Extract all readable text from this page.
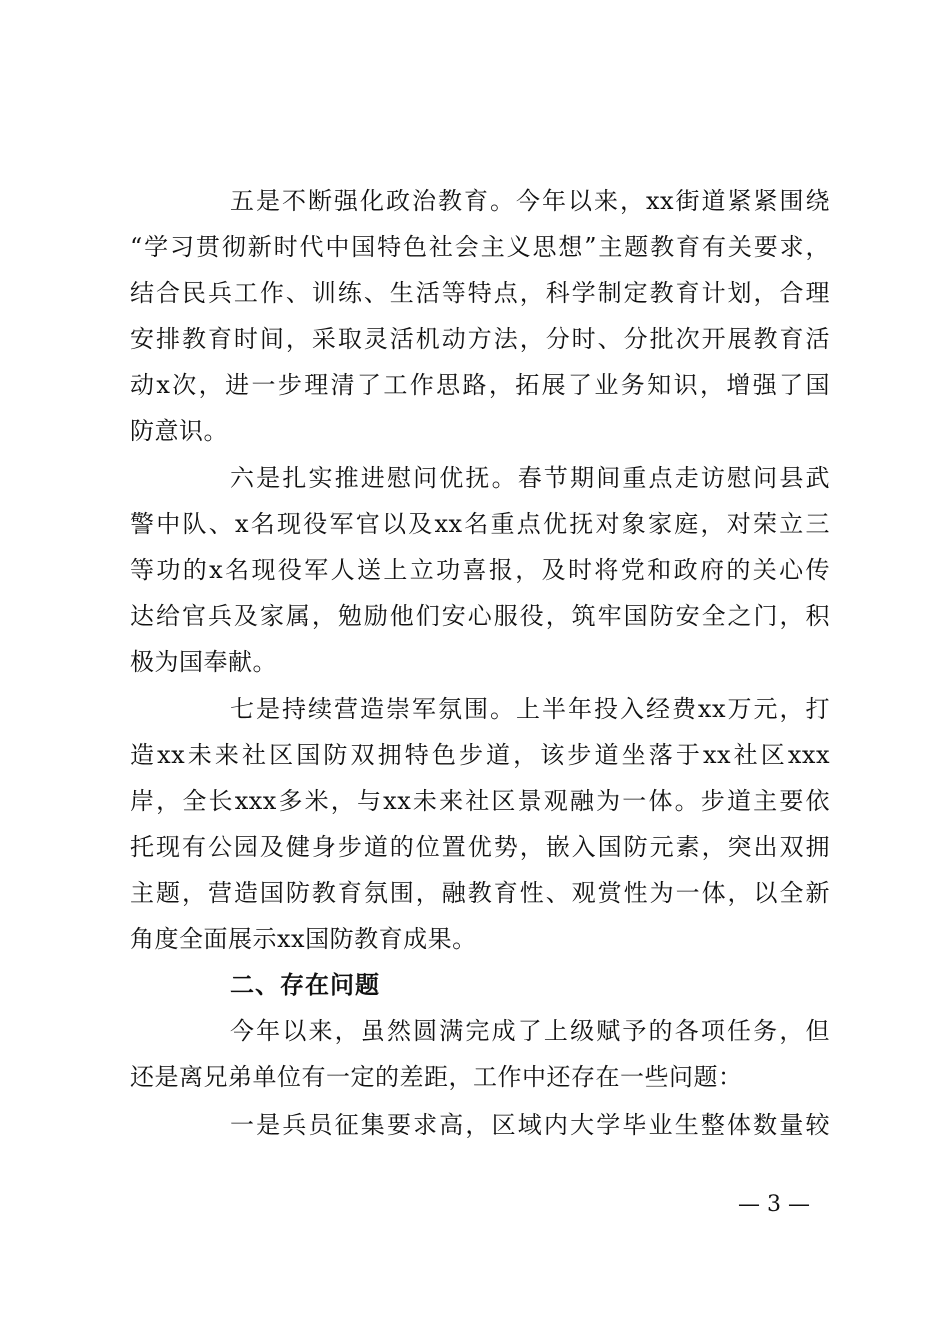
五是不断强化政治教育。今年以来，xx街道紧紧围绕
“学习贯彻新时代中国特色社会主义思想”主题教育有关要求，
结合民兵工作、训练、生活等特点，科学制定教育计划，合理
安排教育时间，采取灵活机动方法，分时、分批次开展教育活
动x次，进一步理清了工作思路，拓展了业务知识，增强了国
防意识。
六是扎实推进慰问优抚。春节期间重点走访慰问县武
警中队、x名现役军官以及xx名重点优抚对象家庭，对荣立三
等功的x名现役军人送上立功喜报，及时将党和政府的关心传
达给官兵及家属，勉励他们安心服役，筑牢国防安全之门，积
极为国奉献。
七是持续营造崇军氛围。上半年投入经费xx万元，打
造xx未来社区国防双拥特色步道，该步道坐落于xx社区xxx
岸，全长xxx多米，与xx未来社区景观融为一体。步道主要依
托现有公园及健身步道的位置优势，嵌入国防元素，突出双拥
主题，营造国防教育氛围，融教育性、观赏性为一体，以全新
角度全面展示xx国防教育成果。
二、存在问题
今年以来，虽然圆满完成了上级赋予的各项任务，但
还是离兄弟单位有一定的差距，工作中还存在一些问题：
一是兵员征集要求高，区域内大学毕业生整体数量较
— 3 —
